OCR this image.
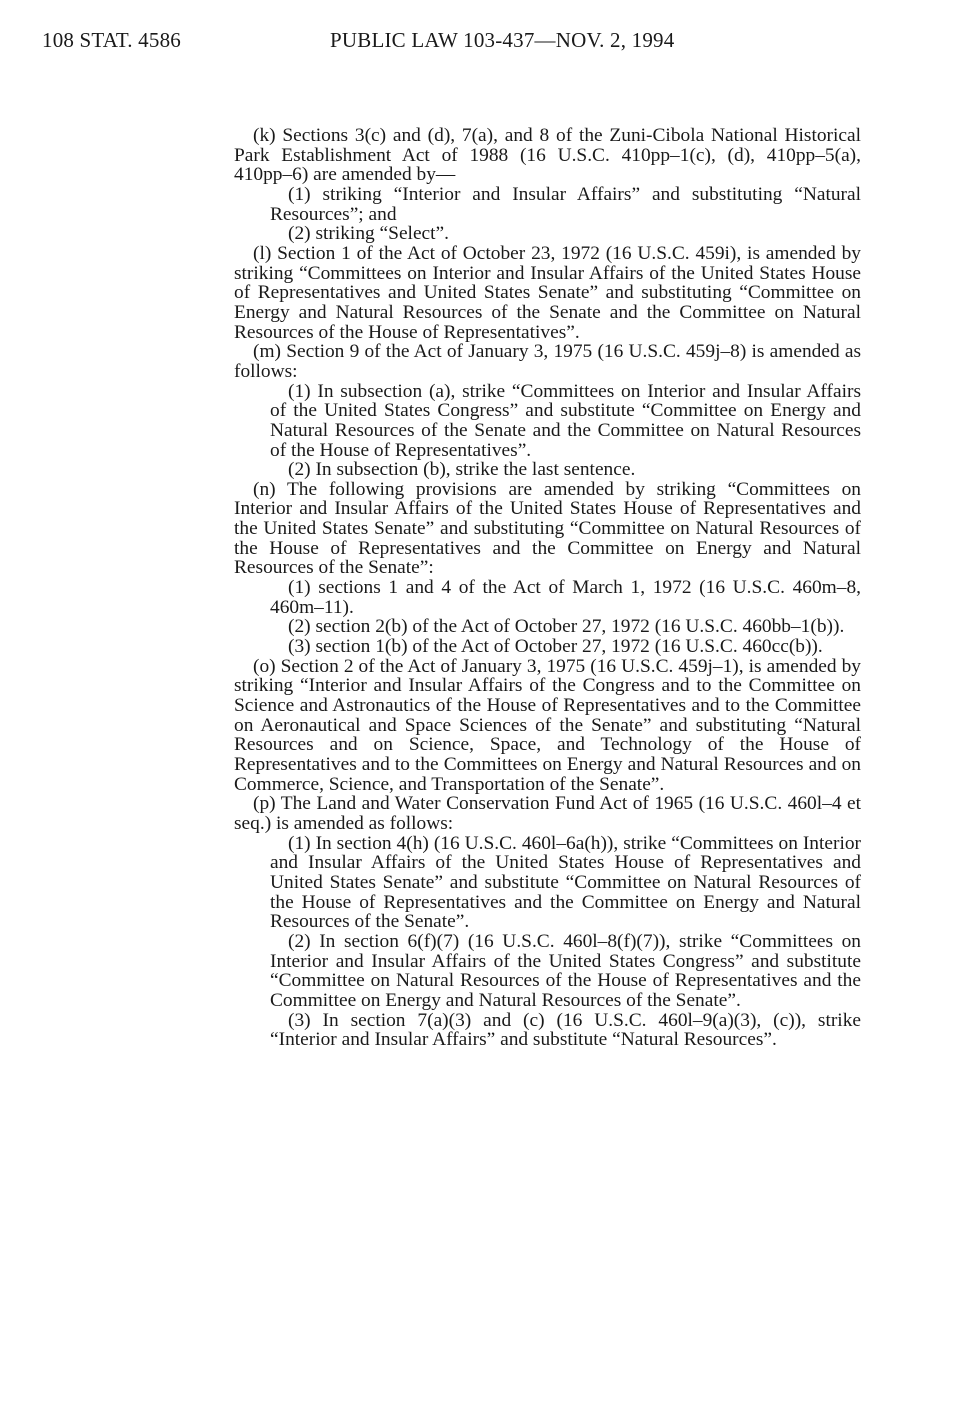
108 STAT. 4586	PUBLIC LAW 103-437—NOV. 2, 1994

(k) Sections 3(c) and (d), 7(a), and 8 of the Zuni-Cibola National Historical Park Establishment Act of 1988 (16 U.S.C. 410pp–1(c), (d), 410pp–5(a), 410pp–6) are amended by—

(1) striking “Interior and Insular Affairs” and substituting “Natural Resources”; and

(2) striking “Select”.

(l) Section 1 of the Act of October 23, 1972 (16 U.S.C. 459i), is amended by striking “Committees on Interior and Insular Affairs of the United States House of Representatives and United States Senate” and substituting “Committee on Energy and Natural Resources of the Senate and the Committee on Natural Resources of the House of Representatives”.

(m) Section 9 of the Act of January 3, 1975 (16 U.S.C. 459j–8) is amended as follows:

(1) In subsection (a), strike “Committees on Interior and Insular Affairs of the United States Congress” and substitute “Committee on Energy and Natural Resources of the Senate and the Committee on Natural Resources of the House of Representatives”.

(2) In subsection (b), strike the last sentence.

(n) The following provisions are amended by striking “Committees on Interior and Insular Affairs of the United States House of Representatives and the United States Senate” and substituting “Committee on Natural Resources of the House of Representatives and the Committee on Energy and Natural Resources of the Senate”:

(1) sections 1 and 4 of the Act of March 1, 1972 (16 U.S.C. 460m–8, 460m–11).

(2) section 2(b) of the Act of October 27, 1972 (16 U.S.C. 460bb–1(b)).

(3) section 1(b) of the Act of October 27, 1972 (16 U.S.C. 460cc(b)).

(o) Section 2 of the Act of January 3, 1975 (16 U.S.C. 459j–1), is amended by striking “Interior and Insular Affairs of the Congress and to the Committee on Science and Astronautics of the House of Representatives and to the Committee on Aeronautical and Space Sciences of the Senate” and substituting “Natural Resources and on Science, Space, and Technology of the House of Representatives and to the Committees on Energy and Natural Resources and on Commerce, Science, and Transportation of the Senate”.

(p) The Land and Water Conservation Fund Act of 1965 (16 U.S.C. 460l–4 et seq.) is amended as follows:

(1) In section 4(h) (16 U.S.C. 460l–6a(h)), strike “Committees on Interior and Insular Affairs of the United States House of Representatives and United States Senate” and substitute “Committee on Natural Resources of the House of Representatives and the Committee on Energy and Natural Resources of the Senate”.

(2) In section 6(f)(7) (16 U.S.C. 460l–8(f)(7)), strike “Committees on Interior and Insular Affairs of the United States Congress” and substitute “Committee on Natural Resources of the House of Representatives and the Committee on Energy and Natural Resources of the Senate”.

(3) In section 7(a)(3) and (c) (16 U.S.C. 460l–9(a)(3), (c)), strike “Interior and Insular Affairs” and substitute “Natural Resources”.
